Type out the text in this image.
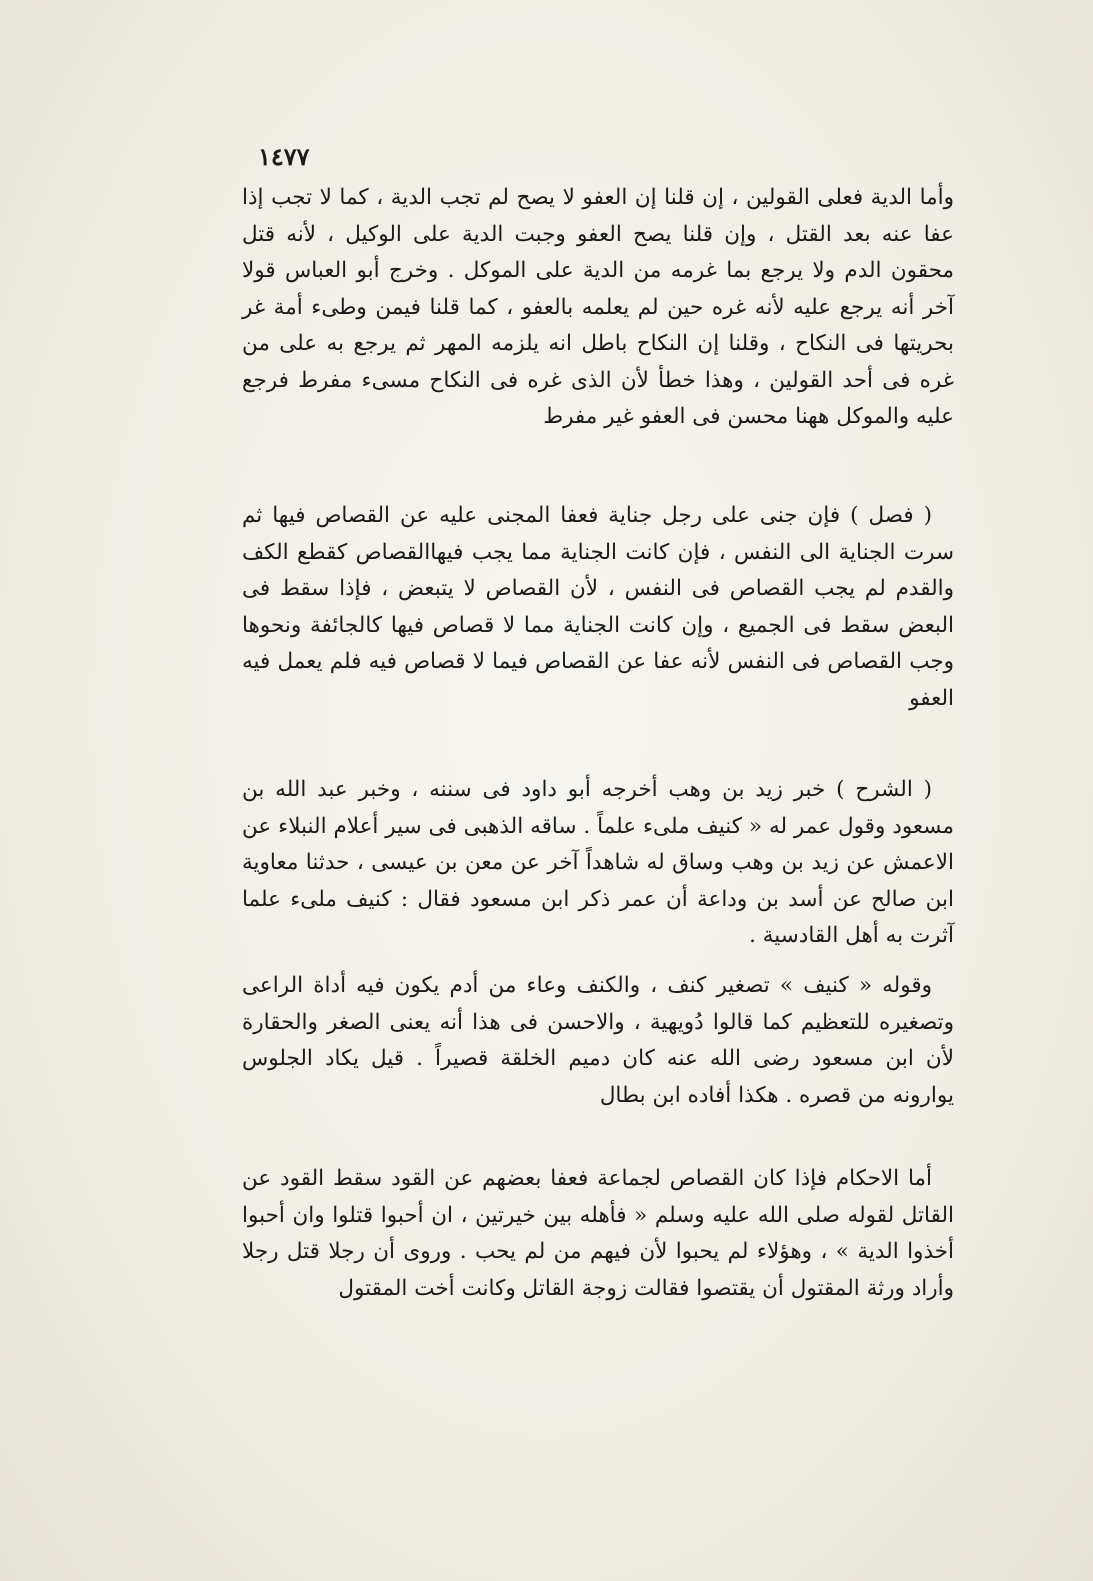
١٤٧٧

وأما الدية فعلى القولين ، إن قلنا إن العفو لا يصح لم تجب الدية ، كما لا تجب إذا عفا عنه بعد القتل ، وإن قلنا يصح العفو وجبت الدية على الوكيل ، لأنه قتل محقون الدم ولا يرجع بما غرمه من الدية على الموكل . وخرج أبو العباس قولا آخر أنه يرجع عليه لأنه غره حين لم يعلمه بالعفو ، كما قلنا فيمن وطىء أمة غر بحريتها فى النكاح ، وقلنا إن النكاح باطل انه يلزمه المهر ثم يرجع به على من غره فى أحد القولين ، وهذا خطأ لأن الذى غره فى النكاح مسىء مفرط فرجع عليه والموكل ههنا محسن فى العفو غير مفرط

( فصل ) فإن جنى على رجل جناية فعفا المجنى عليه عن القصاص فيها ثم سرت الجناية الى النفس ، فإن كانت الجناية مما يجب فيهاالقصاص كقطع الكف والقدم لم يجب القصاص فى النفس ، لأن القصاص لا يتبعض ، فإذا سقط فى البعض سقط فى الجميع ، وإن كانت الجناية مما لا قصاص فيها كالجائفة ونحوها وجب القصاص فى النفس لأنه عفا عن القصاص فيما لا قصاص فيه فلم يعمل فيه العفو

( الشرح ) خبر زيد بن وهب أخرجه أبو داود فى سننه ، وخبر عبد الله بن مسعود وقول عمر له « كنيف ملىء علماً . ساقه الذهبى فى سير أعلام النبلاء عن الاعمش عن زيد بن وهب وساق له شاهداً آخر عن معن بن عيسى ، حدثنا معاوية ابن صالح عن أسد بن وداعة أن عمر ذكر ابن مسعود فقال : كنيف ملىء علما آثرت به أهل القادسية .

وقوله « كنيف » تصغير كنف ، والكنف وعاء من أدم يكون فيه أداة الراعى وتصغيره للتعظيم كما قالوا دُويهية ، والاحسن فى هذا أنه يعنى الصغر والحقارة لأن ابن مسعود رضى الله عنه كان دميم الخلقة قصيراً . قيل يكاد الجلوس يوارونه من قصره . هكذا أفاده ابن بطال

أما الاحكام فإذا كان القصاص لجماعة فعفا بعضهم عن القود سقط القود عن القاتل لقوله صلى الله عليه وسلم « فأهله بين خيرتين ، ان أحبوا قتلوا وان أحبوا أخذوا الدية » ، وهؤلاء لم يحبوا لأن فيهم من لم يحب . وروى أن رجلا قتل رجلا وأراد ورثة المقتول أن يقتصوا فقالت زوجة القاتل وكانت أخت المقتول
